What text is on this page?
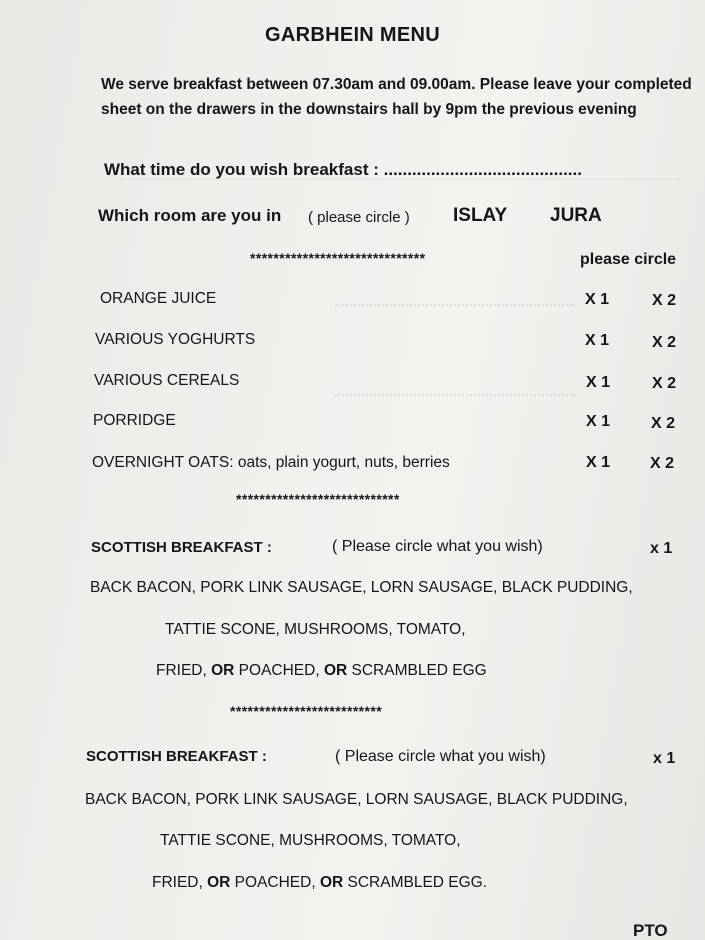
GARBHEIN MENU
We serve breakfast between 07.30am and 09.00am. Please leave your completed sheet on the drawers in the downstairs hall by 9pm the previous evening
What time do you wish breakfast : ..........................................
Which room are you in ( please circle ) ISLAY JURA
******************************	please circle
ORANGE JUICE	X 1	X 2
VARIOUS YOGHURTS	X 1	X 2
VARIOUS CEREALS	X 1	X 2
PORRIDGE	X 1	X 2
OVERNIGHT OATS: oats, plain yogurt, nuts, berries	X 1 X 2
****************************
SCOTTISH BREAKFAST :	( Please circle what you wish)	x 1
BACK BACON, PORK LINK SAUSAGE, LORN SAUSAGE, BLACK PUDDING,
TATTIE SCONE, MUSHROOMS, TOMATO,
FRIED, OR POACHED, OR SCRAMBLED EGG
**************************
SCOTTISH BREAKFAST :	( Please circle what you wish)	x 1
BACK BACON, PORK LINK SAUSAGE, LORN SAUSAGE, BLACK PUDDING,
TATTIE SCONE, MUSHROOMS, TOMATO,
FRIED, OR POACHED, OR SCRAMBLED EGG.
PTO
